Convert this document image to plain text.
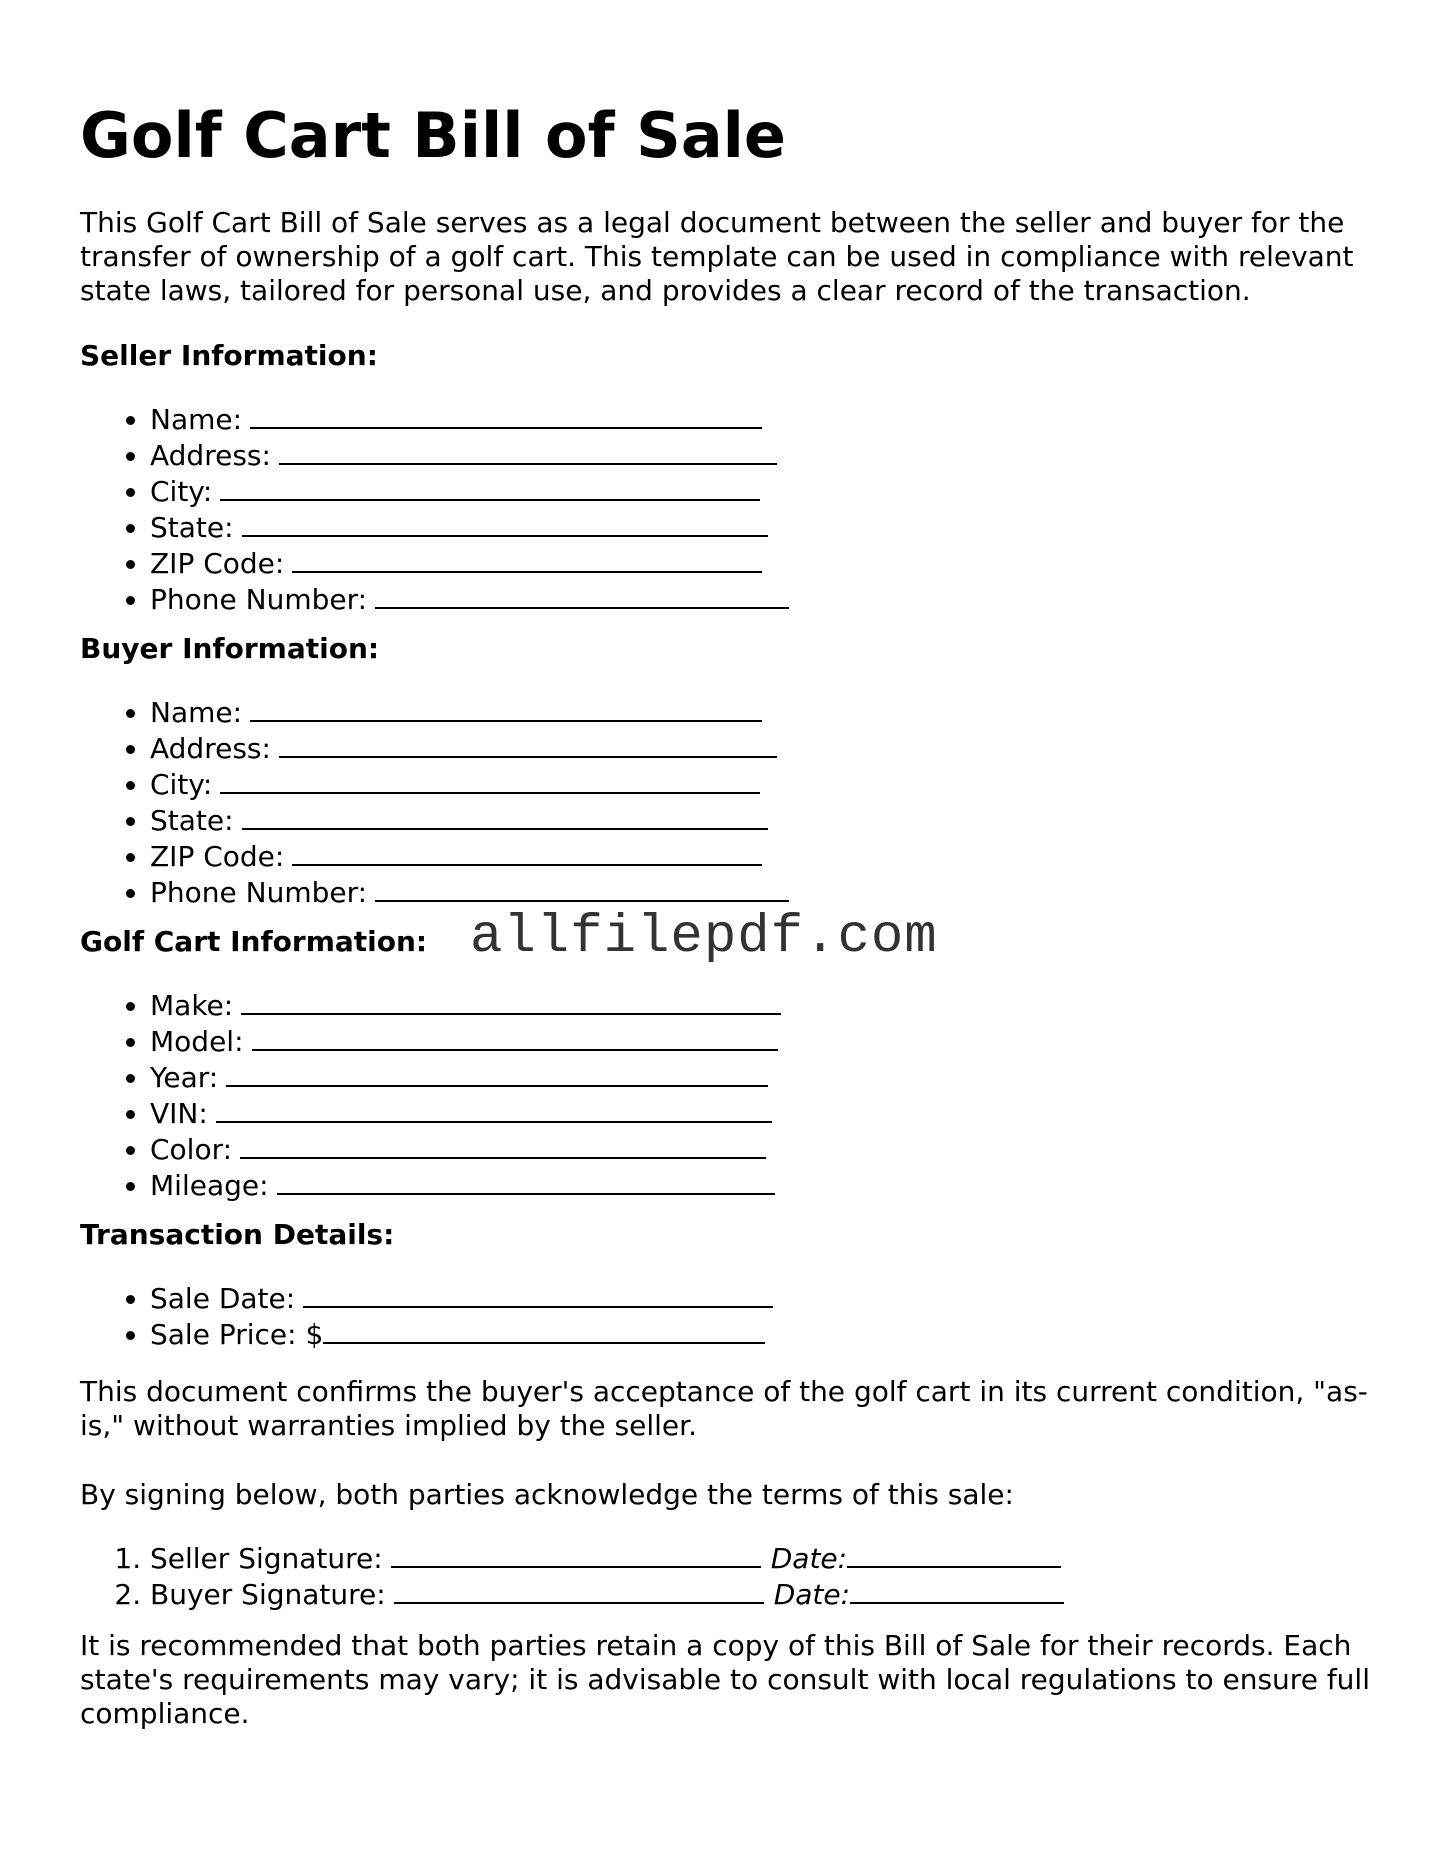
Golf Cart Bill of Sale

This Golf Cart Bill of Sale serves as a legal document between the seller and buyer for the transfer of ownership of a golf cart. This template can be used in compliance with relevant state laws, tailored for personal use, and provides a clear record of the transaction.

Seller Information:

• Name:
• Address:
• City:
• State:
• ZIP Code:
• Phone Number:

Buyer Information:

• Name:
• Address:
• City:
• State:
• ZIP Code:
• Phone Number:

Golf Cart Information:

• Make:
• Model:
• Year:
• VIN:
• Color:
• Mileage:

Transaction Details:

• Sale Date:
• Sale Price: $

This document confirms the buyer's acceptance of the golf cart in its current condition, "as-is," without warranties implied by the seller.

By signing below, both parties acknowledge the terms of this sale:

1. Seller Signature:	Date:
2. Buyer Signature:	Date:

It is recommended that both parties retain a copy of this Bill of Sale for their records. Each state's requirements may vary; it is advisable to consult with local regulations to ensure full compliance.

allfilepdf.com
